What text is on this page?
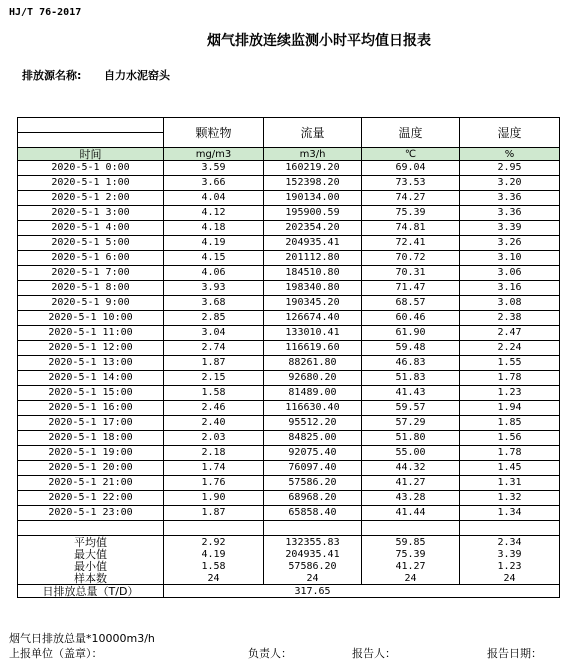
HJ/T 76-2017
烟气排放连续监测小时平均值日报表
排放源名称: 自力水泥窑头
	颗粒物	流量	温度	湿度

时间	mg/m3	m3/h	℃	%
2020-5-1 0:00	3.59	160219.20	69.04	2.95
2020-5-1 1:00	3.66	152398.20	73.53	3.20
2020-5-1 2:00	4.04	190134.00	74.27	3.36
2020-5-1 3:00	4.12	195900.59	75.39	3.36
2020-5-1 4:00	4.18	202354.20	74.81	3.39
2020-5-1 5:00	4.19	204935.41	72.41	3.26
2020-5-1 6:00	4.15	201112.80	70.72	3.10
2020-5-1 7:00	4.06	184510.80	70.31	3.06
2020-5-1 8:00	3.93	198340.80	71.47	3.16
2020-5-1 9:00	3.68	190345.20	68.57	3.08
2020-5-1 10:00	2.85	126674.40	60.46	2.38
2020-5-1 11:00	3.04	133010.41	61.90	2.47
2020-5-1 12:00	2.74	116619.60	59.48	2.24
2020-5-1 13:00	1.87	88261.80	46.83	1.55
2020-5-1 14:00	2.15	92680.20	51.83	1.78
2020-5-1 15:00	1.58	81489.00	41.43	1.23
2020-5-1 16:00	2.46	116630.40	59.57	1.94
2020-5-1 17:00	2.40	95512.20	57.29	1.85
2020-5-1 18:00	2.03	84825.00	51.80	1.56
2020-5-1 19:00	2.18	92075.40	55.00	1.78
2020-5-1 20:00	1.74	76097.40	44.32	1.45
2020-5-1 21:00	1.76	57586.20	41.27	1.31
2020-5-1 22:00	1.90	68968.20	43.28	1.32
2020-5-1 23:00	1.87	65858.40	41.44	1.34

平均值	2.92	132355.83	59.85	2.34
最大值	4.19	204935.41	75.39	3.39
最小值	1.58	57586.20	41.27	1.23
样本数	24	24	24	24
日排放总量（T/D）		317.65		
烟气日排放总量*10000m3/h
上报单位（盖章）：	负责人：	报告人：	报告日期：
